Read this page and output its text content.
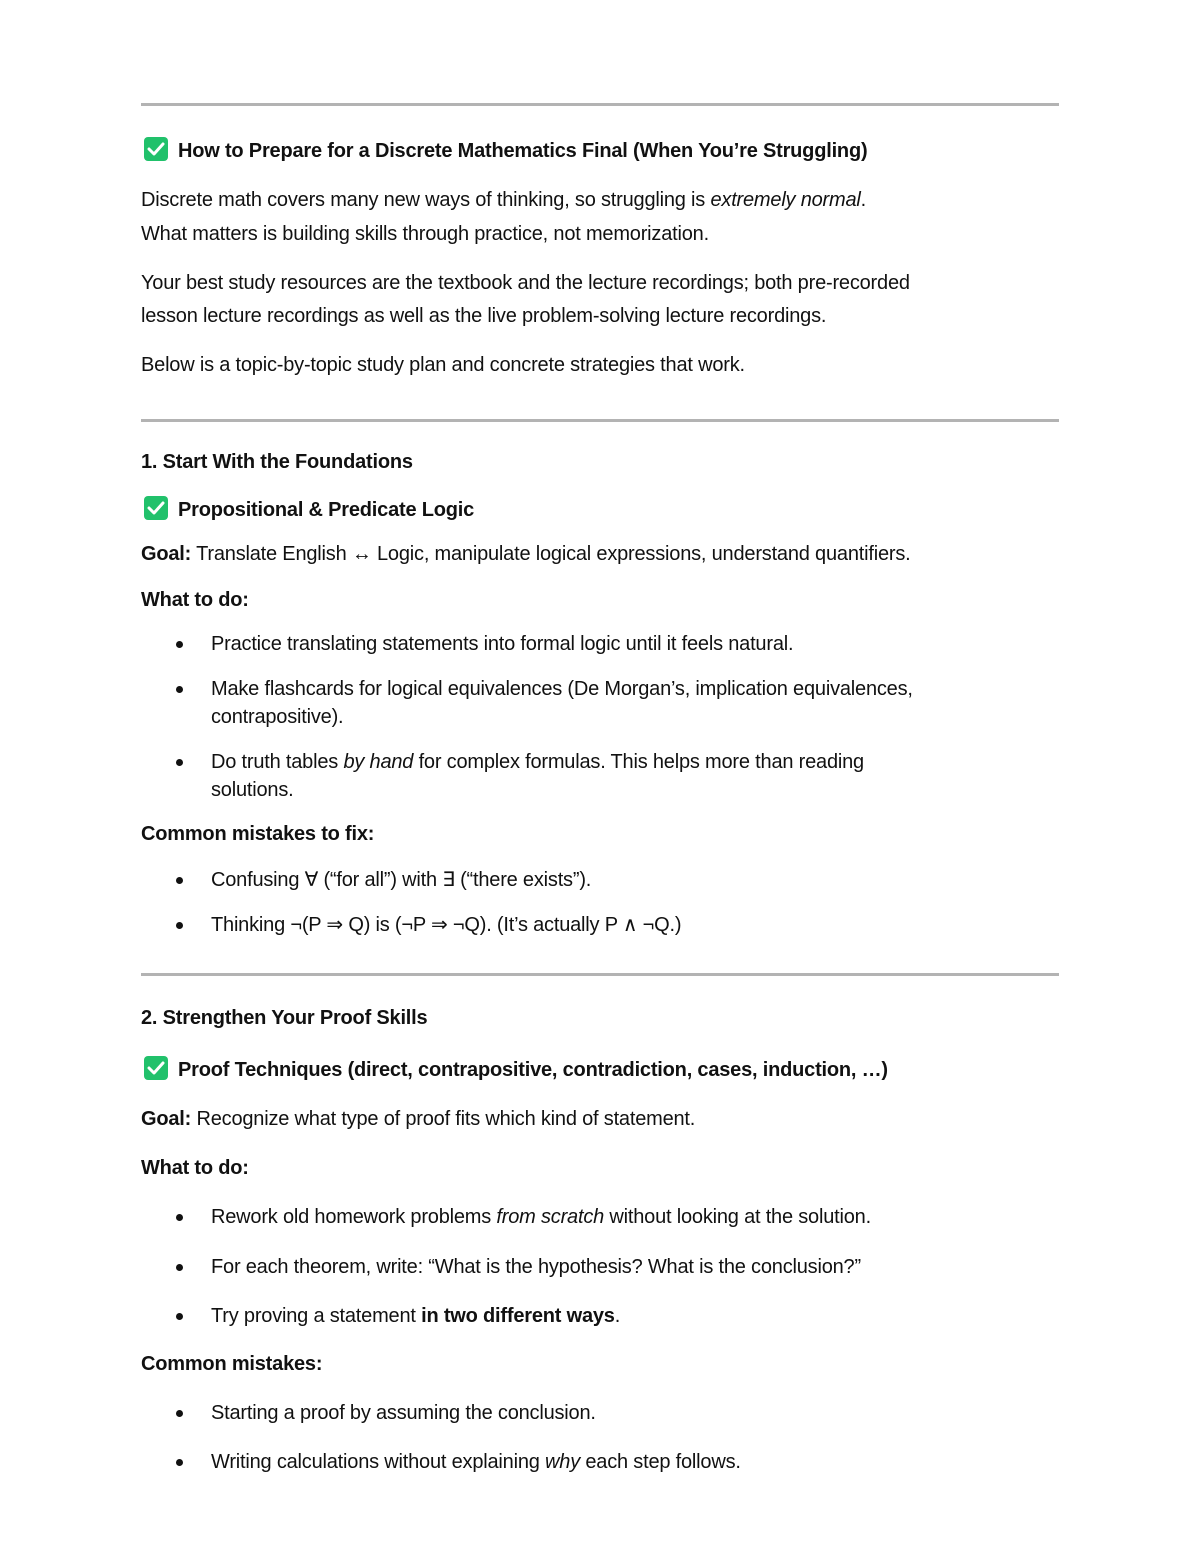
How to Prepare for a Discrete Mathematics Final (When You’re Struggling)
Discrete math covers many new ways of thinking, so struggling is extremely normal.
What matters is building skills through practice, not memorization.
Your best study resources are the textbook and the lecture recordings; both pre-recorded
lesson lecture recordings as well as the live problem-solving lecture recordings.
Below is a topic-by-topic study plan and concrete strategies that work.
1. Start With the Foundations
Propositional & Predicate Logic
Goal: Translate English ↔ Logic, manipulate logical expressions, understand quantifiers.
What to do:
Practice translating statements into formal logic until it feels natural.
Make flashcards for logical equivalences (De Morgan’s, implication equivalences,
contrapositive).
Do truth tables by hand for complex formulas. This helps more than reading
solutions.
Common mistakes to fix:
Confusing ∀ (“for all”) with ∃ (“there exists”).
Thinking ¬(P ⇒ Q) is (¬P ⇒ ¬Q). (It’s actually P ∧ ¬Q.)
2. Strengthen Your Proof Skills
Proof Techniques (direct, contrapositive, contradiction, cases, induction, …)
Goal: Recognize what type of proof fits which kind of statement.
What to do:
Rework old homework problems from scratch without looking at the solution.
For each theorem, write: “What is the hypothesis? What is the conclusion?”
Try proving a statement in two different ways.
Common mistakes:
Starting a proof by assuming the conclusion.
Writing calculations without explaining why each step follows.
